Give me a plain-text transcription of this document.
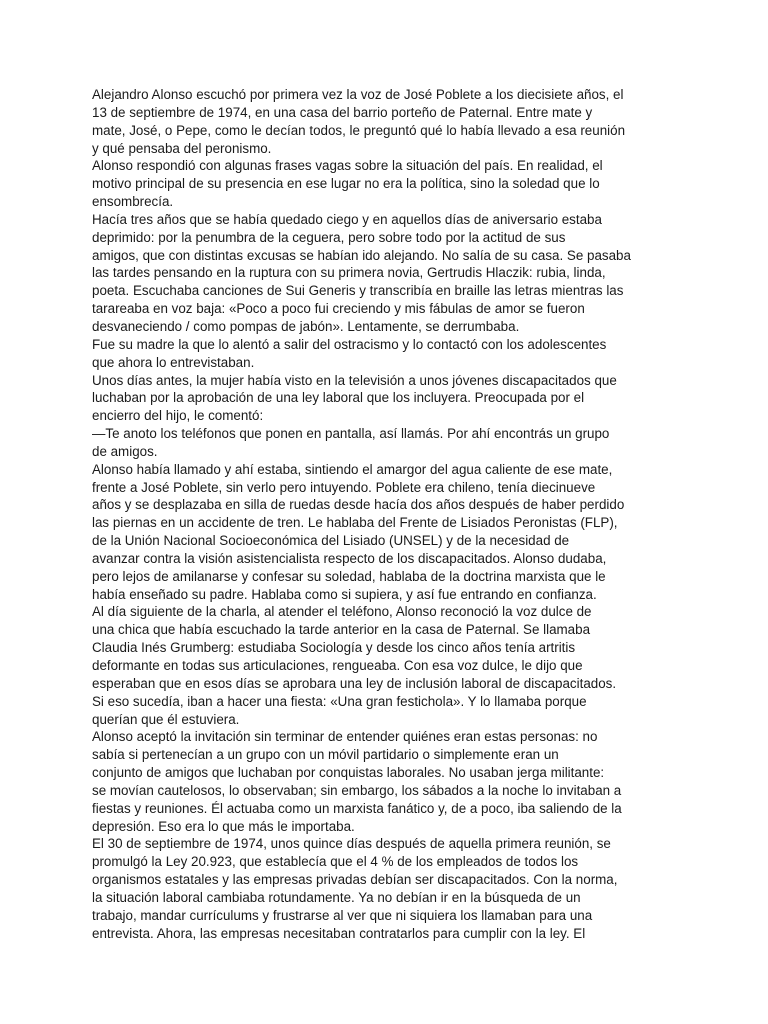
Alejandro Alonso escuchó por primera vez la voz de José Poblete a los diecisiete años, el
13 de septiembre de 1974, en una casa del barrio porteño de Paternal. Entre mate y
mate, José, o Pepe, como le decían todos, le preguntó qué lo había llevado a esa reunión
y qué pensaba del peronismo.
Alonso respondió con algunas frases vagas sobre la situación del país. En realidad, el
motivo principal de su presencia en ese lugar no era la política, sino la soledad que lo
ensombrecía.
Hacía tres años que se había quedado ciego y en aquellos días de aniversario estaba
deprimido: por la penumbra de la ceguera, pero sobre todo por la actitud de sus
amigos, que con distintas excusas se habían ido alejando. No salía de su casa. Se pasaba
las tardes pensando en la ruptura con su primera novia, Gertrudis Hlaczik: rubia, linda,
poeta. Escuchaba canciones de Sui Generis y transcribía en braille las letras mientras las
tarareaba en voz baja: «Poco a poco fui creciendo y mis fábulas de amor se fueron
desvaneciendo / como pompas de jabón». Lentamente, se derrumbaba.
Fue su madre la que lo alentó a salir del ostracismo y lo contactó con los adolescentes
que ahora lo entrevistaban.
Unos días antes, la mujer había visto en la televisión a unos jóvenes discapacitados que
luchaban por la aprobación de una ley laboral que los incluyera. Preocupada por el
encierro del hijo, le comentó:
—Te anoto los teléfonos que ponen en pantalla, así llamás. Por ahí encontrás un grupo
de amigos.
Alonso había llamado y ahí estaba, sintiendo el amargor del agua caliente de ese mate,
frente a José Poblete, sin verlo pero intuyendo. Poblete era chileno, tenía diecinueve
años y se desplazaba en silla de ruedas desde hacía dos años después de haber perdido
las piernas en un accidente de tren. Le hablaba del Frente de Lisiados Peronistas (FLP),
de la Unión Nacional Socioeconómica del Lisiado (UNSEL) y de la necesidad de
avanzar contra la visión asistencialista respecto de los discapacitados. Alonso dudaba,
pero lejos de amilanarse y confesar su soledad, hablaba de la doctrina marxista que le
había enseñado su padre. Hablaba como si supiera, y así fue entrando en confianza.
Al día siguiente de la charla, al atender el teléfono, Alonso reconoció la voz dulce de
una chica que había escuchado la tarde anterior en la casa de Paternal. Se llamaba
Claudia Inés Grumberg: estudiaba Sociología y desde los cinco años tenía artritis
deformante en todas sus articulaciones, rengueaba. Con esa voz dulce, le dijo que
esperaban que en esos días se aprobara una ley de inclusión laboral de discapacitados.
Si eso sucedía, iban a hacer una fiesta: «Una gran festichola». Y lo llamaba porque
querían que él estuviera.
Alonso aceptó la invitación sin terminar de entender quiénes eran estas personas: no
sabía si pertenecían a un grupo con un móvil partidario o simplemente eran un
conjunto de amigos que luchaban por conquistas laborales. No usaban jerga militante:
se movían cautelosos, lo observaban; sin embargo, los sábados a la noche lo invitaban a
fiestas y reuniones. Él actuaba como un marxista fanático y, de a poco, iba saliendo de la
depresión. Eso era lo que más le importaba.
El 30 de septiembre de 1974, unos quince días después de aquella primera reunión, se
promulgó la Ley 20.923, que establecía que el 4 % de los empleados de todos los
organismos estatales y las empresas privadas debían ser discapacitados. Con la norma,
la situación laboral cambiaba rotundamente. Ya no debían ir en la búsqueda de un
trabajo, mandar currículums y frustrarse al ver que ni siquiera los llamaban para una
entrevista. Ahora, las empresas necesitaban contratarlos para cumplir con la ley. El
